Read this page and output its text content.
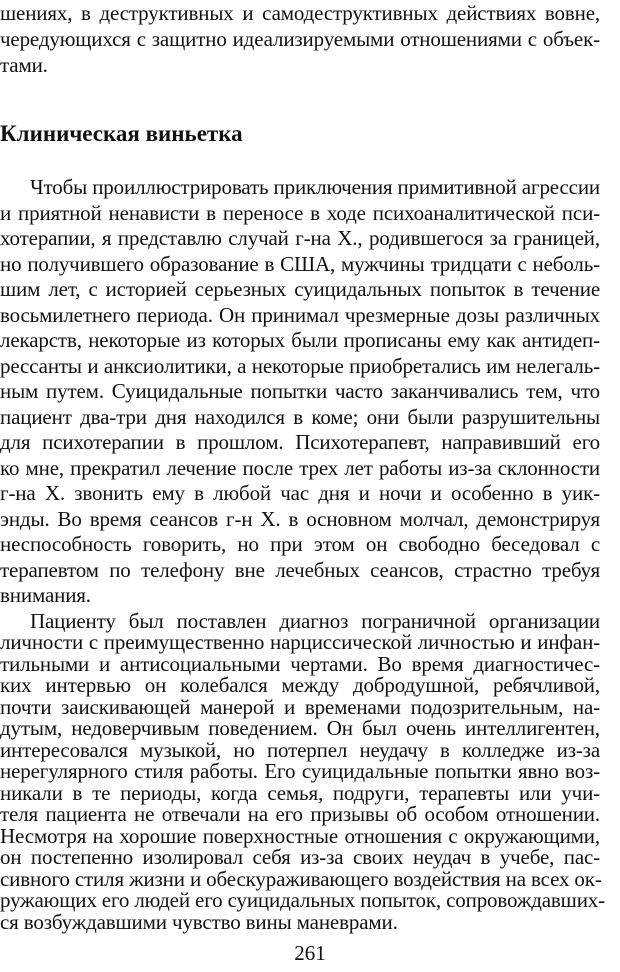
шениях, в деструктивных и самодеструктивных действиях вовне,
чередующихся с защитно идеализируемыми отношениями с объек-
тами.
Клиническая виньетка
Чтобы проиллюстрировать приключения примитивной агрессии
и приятной ненависти в переносе в ходе психоаналитической пси-
хотерапии, я представлю случай г-на Х., родившегося за границей,
но получившего образование в США, мужчины тридцати с неболь-
шим лет, с историей серьезных суицидальных попыток в течение
восьмилетнего периода. Он принимал чрезмерные дозы различных
лекарств, некоторые из которых были прописаны ему как антидеп-
рессанты и анксиолитики, а некоторые приобретались им нелегаль-
ным путем. Суицидальные попытки часто заканчивались тем, что
пациент два-три дня находился в коме; они были разрушительны
для психотерапии в прошлом. Психотерапевт, направивший его
ко мне, прекратил лечение после трех лет работы из-за склонности
г-на Х. звонить ему в любой час дня и ночи и особенно в уик-
энды. Во время сеансов г-н Х. в основном молчал, демонстрируя
неспособность говорить, но при этом он свободно беседовал с
терапевтом по телефону вне лечебных сеансов, страстно требуя
внимания.
261
Пациенту был поставлен диагноз пограничной организации
личности с преимущественно нарциссической личностью и инфан-
тильными и антисоциальными чертами. Во время диагностичес-
ких интервью он колебался между добродушной, ребячливой,
почти заискивающей манерой и временами подозрительным, на-
дутым, недоверчивым поведением. Он был очень интеллигентен,
интересовался музыкой, но потерпел неудачу в колледже из-за
нерегулярного стиля работы. Его суицидальные попытки явно воз-
никали в те периоды, когда семья, подруги, терапевты или учи-
теля пациента не отвечали на его призывы об особом отношении.
Несмотря на хорошие поверхностные отношения с окружающими,
он постепенно изолировал себя из-за своих неудач в учебе, пас-
сивного стиля жизни и обескураживающего воздействия на всех ок-
ружающих его людей его суицидальных попыток, сопровождавших-
ся возбуждавшими чувство вины маневрами.
